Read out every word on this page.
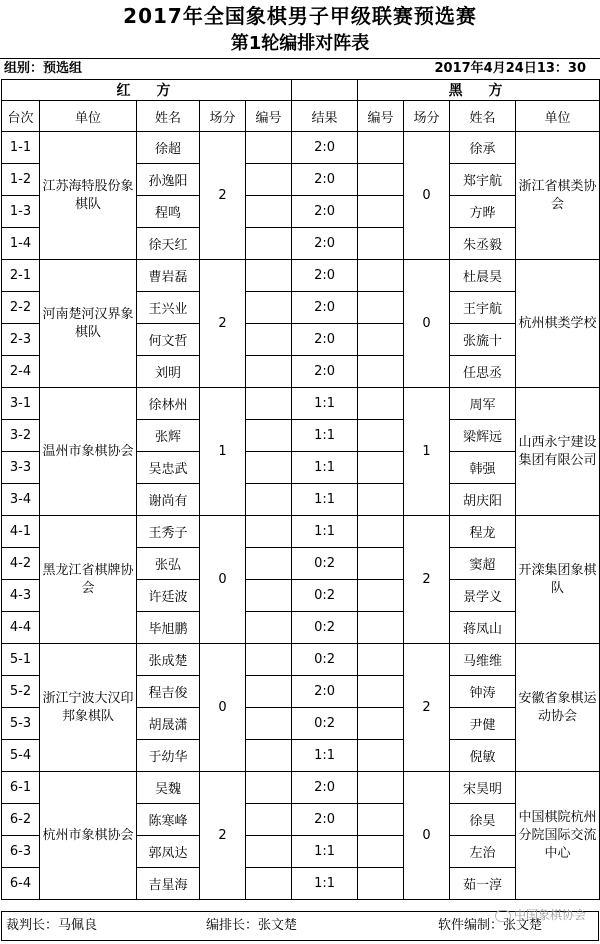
2017年全国象棋男子甲级联赛预选赛
第1轮编排对阵表
组别：预选组	2017年4月24日13：30
红　方						黑　方			
台次	单位	姓名	场分	编号	结果	编号	场分	姓名	单位
1-1	江苏海特股份象棋队	徐超	2		2:0		0	徐承	浙江省棋类协会
1-2		孙逸阳			2:0			郑宇航	
1-3		程鸣			2:0			方晔	
1-4		徐天红			2:0			朱丞毅	
2-1	河南楚河汉界象棋队	曹岩磊	2		2:0		0	杜晨昊	杭州棋类学校
2-2		王兴业			2:0			王宇航	
2-3		何文哲			2:0			张旒十	
2-4		刘明			2:0			任思丞	
3-1	温州市象棋协会	徐林州	1		1:1		1	周军	山西永宁建设集团有限公司
3-2		张辉			1:1			梁辉远	
3-3		吴忠武			1:1			韩强	
3-4		谢尚有			1:1			胡庆阳	
4-1	黑龙江省棋牌协会	王秀子	0		1:1		2	程龙	开滦集团象棋队
4-2		张弘			0:2			窦超	
4-3		许廷波			0:2			景学义	
4-4		毕旭鹏			0:2			蒋凤山	
5-1	浙江宁波大汉印邦象棋队	张成楚	0		0:2		2	马维维	安徽省象棋运动协会
5-2		程吉俊			2:0			钟涛	
5-3		胡晟潇			0:2			尹健	
5-4		于幼华			1:1			倪敏	
6-1	杭州市象棋协会	吴魏	2		2:0		0	宋昊明	中国棋院杭州分院国际交流中心
6-2		陈寒峰			2:0			徐昊	
6-3		郭凤达			1:1			左治	
6-4		吉星海			1:1			茹一淳	
裁判长：马佩良	编排长：张文楚	软件编制：张文楚
中国象棋协会
